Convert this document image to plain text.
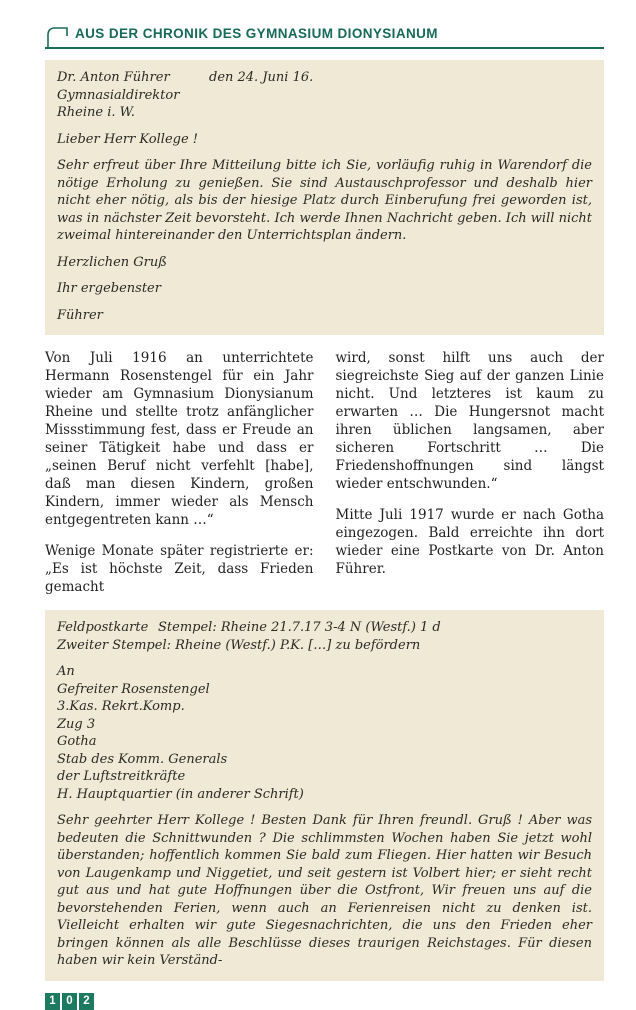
AUS DER CHRONIK DES GYMNASIUM DIONYSIANUM
Dr. Anton Führer	den 24. Juni 16.
Gymnasialdirektor
Rheine i. W.
Lieber Herr Kollege !

Sehr erfreut über Ihre Mitteilung bitte ich Sie, vorläufig ruhig in Warendorf die nötige Erholung zu genießen. Sie sind Austauschprofessor und deshalb hier nicht eher nötig, als bis der hiesige Platz durch Einberufung frei geworden ist, was in nächster Zeit bevorsteht. Ich werde Ihnen Nachricht geben. Ich will nicht zweimal hintereinander den Unterrichtsplan ändern.

Herzlichen Gruß
Ihr ergebenster
Führer

Von Juli 1916 an unterrichtete Hermann Rosenstengel für ein Jahr wieder am Gymnasium Dionysianum Rheine und stellte trotz anfänglicher Missstimmung fest, dass er Freude an seiner Tätigkeit habe und dass er „seinen Beruf nicht verfehlt [habe], daß man diesen Kindern, großen Kindern, immer wieder als Mensch entgegentreten kann …“

Wenige Monate später registrierte er: „Es ist höchste Zeit, dass Frieden gemacht

wird, sonst hilft uns auch der siegreichste Sieg auf der ganzen Linie nicht. Und letzteres ist kaum zu erwarten … Die Hungersnot macht ihren üblichen langsamen, aber sicheren Fortschritt … Die Friedenshoffnungen sind längst wieder entschwunden.“

Mitte Juli 1917 wurde er nach Gotha eingezogen. Bald erreichte ihn dort wieder eine Postkarte von Dr. Anton Führer.

Feldpostkarte Stempel: Rheine 21.7.17 3-4 N (Westf.) 1 d
Zweiter Stempel: Rheine (Westf.) P.K. […] zu befördern
An
Gefreiter Rosenstengel
3.Kas. Rekrt.Komp.
Zug 3
Gotha
Stab des Komm. Generals
der Luftstreitkräfte
H. Hauptquartier (in anderer Schrift)

Sehr geehrter Herr Kollege ! Besten Dank für Ihren freundl. Gruß ! Aber was bedeuten die Schnittwunden ? Die schlimmsten Wochen haben Sie jetzt wohl überstanden; hoffentlich kommen Sie bald zum Fliegen. Hier hatten wir Besuch von Laugenkamp und Niggetiet, und seit gestern ist Volbert hier; er sieht recht gut aus und hat gute Hoffnungen über die Ostfront, Wir freuen uns auf die bevorstehenden Ferien, wenn auch an Ferienreisen nicht zu denken ist. Vielleicht erhalten wir gute Siegesnachrichten, die uns den Frieden eher bringen können als alle Beschlüsse dieses traurigen Reichstages. Für diesen haben wir kein Verständ-

1 0 2
